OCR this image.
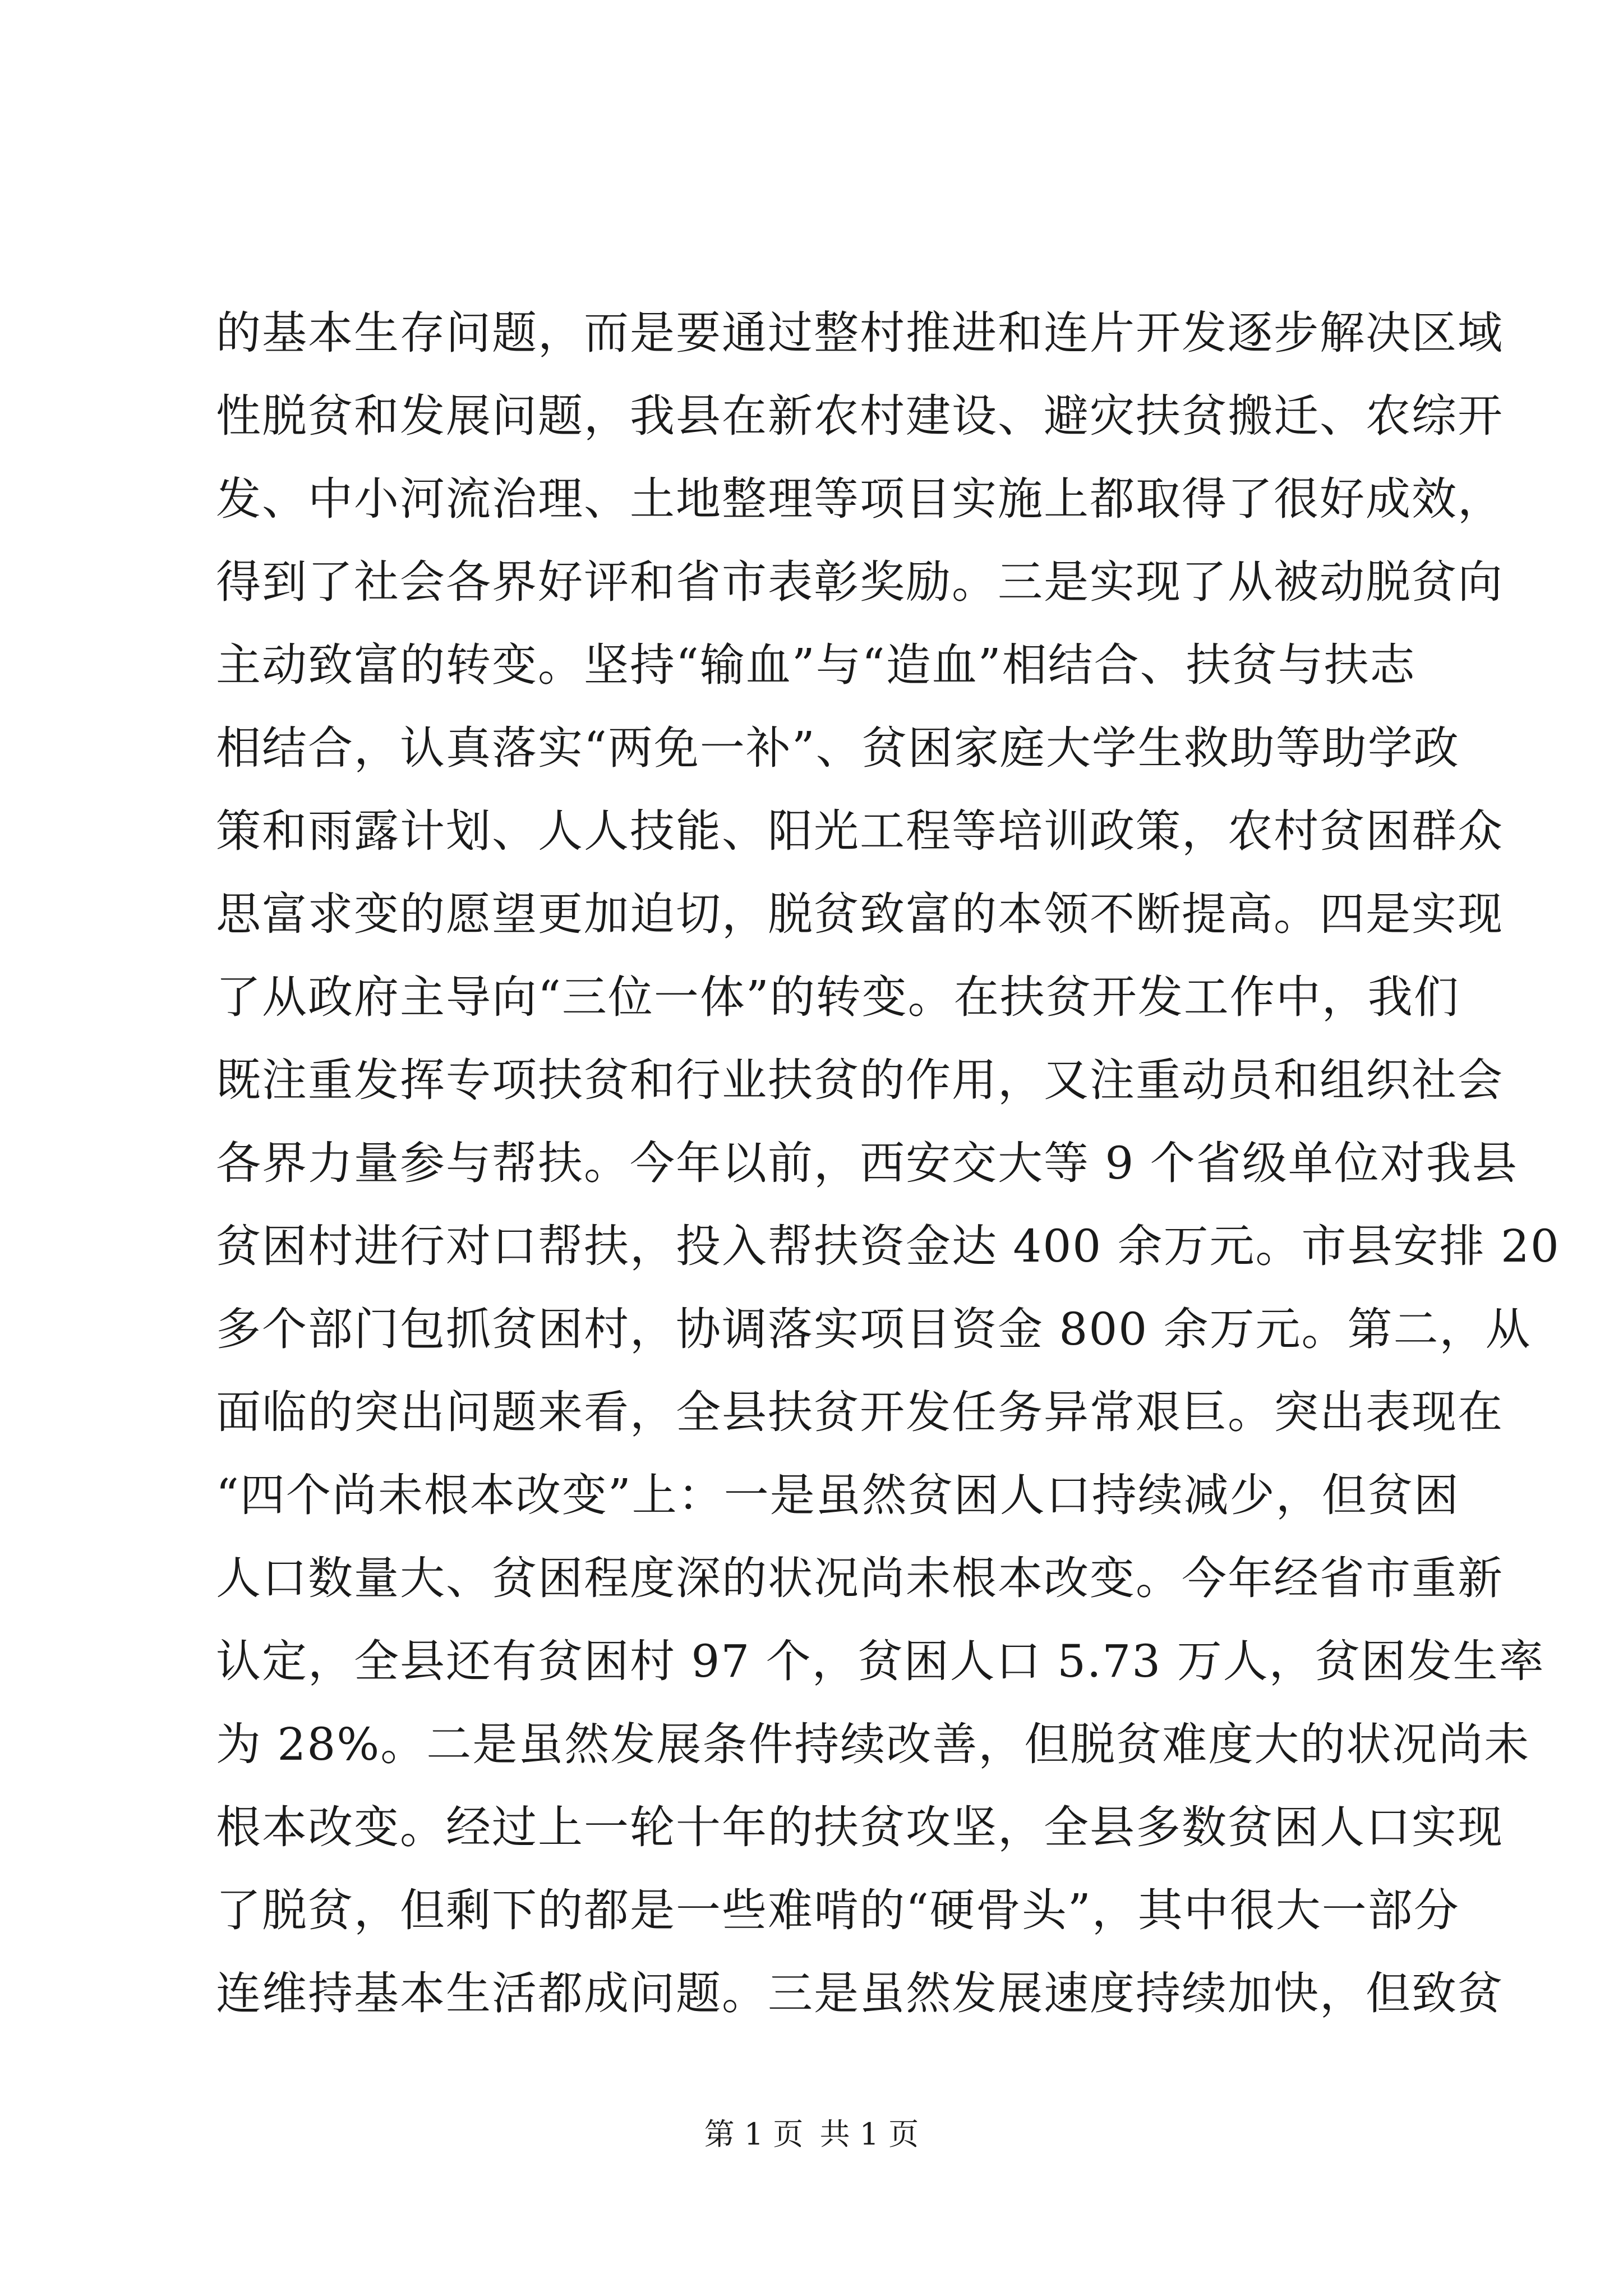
的基本生存问题，而是要通过整村推进和连片开发逐步解决区域
性脱贫和发展问题，我县在新农村建设、避灾扶贫搬迁、农综开
发、中小河流治理、土地整理等项目实施上都取得了很好成效，
得到了社会各界好评和省市表彰奖励。三是实现了从被动脱贫向
主动致富的转变。坚持“输血”与“造血”相结合、扶贫与扶志
相结合，认真落实“两免一补”、贫困家庭大学生救助等助学政
策和雨露计划、人人技能、阳光工程等培训政策，农村贫困群众
思富求变的愿望更加迫切，脱贫致富的本领不断提高。四是实现
了从政府主导向“三位一体”的转变。在扶贫开发工作中，我们
既注重发挥专项扶贫和行业扶贫的作用，又注重动员和组织社会
各界力量参与帮扶。今年以前，西安交大等 9 个省级单位对我县
贫困村进行对口帮扶，投入帮扶资金达 400 余万元。市县安排 20
多个部门包抓贫困村，协调落实项目资金 800 余万元。第二，从
面临的突出问题来看，全县扶贫开发任务异常艰巨。突出表现在
“四个尚未根本改变”上：一是虽然贫困人口持续减少，但贫困
人口数量大、贫困程度深的状况尚未根本改变。今年经省市重新
认定，全县还有贫困村 97 个，贫困人口 5.73 万人，贫困发生率
为 28%。二是虽然发展条件持续改善，但脱贫难度大的状况尚未
根本改变。经过上一轮十年的扶贫攻坚，全县多数贫困人口实现
了脱贫，但剩下的都是一些难啃的“硬骨头”，其中很大一部分
连维持基本生活都成问题。三是虽然发展速度持续加快，但致贫
第 1 页 共 1 页
